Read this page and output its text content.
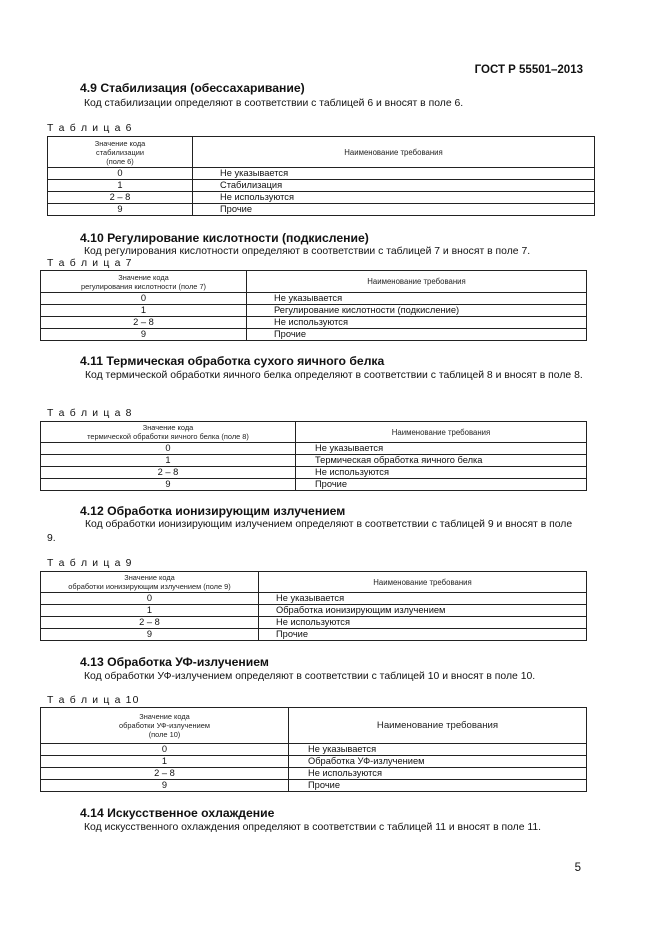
ГОСТ Р 55501–2013
4.9 Стабилизация (обессахаривание)
Код стабилизации определяют в соответствии с таблицей 6 и вносят в поле 6.
Т а б л и ц а 6
Значение кода
стабилизации
(поле 6)	Наименование требования
0	Не указывается
1	Стабилизация
2 – 8	Не используются
9	Прочие
4.10 Регулирование кислотности (подкисление)
Код регулирования кислотности определяют в соответствии с таблицей 7 и вносят в поле 7.
Т а б л и ц а 7
Значение кода
регулирования кислотности (поле 7)	Наименование требования
0	Не указывается
1	Регулирование кислотности (подкисление)
2 – 8	Не используются
9	Прочие
4.11 Термическая обработка сухого яичного белка
Код термической обработки яичного белка определяют в соответствии с таблицей 8 и вносят в поле 8.
Т а б л и ц а 8
Значение кода
термической обработки яичного белка (поле 8)	Наименование требования
0	Не указывается
1	Термическая обработка яичного белка
2 – 8	Не используются
9	Прочие
4.12 Обработка ионизирующим излучением
Код обработки ионизирующим излучением определяют в соответствии с таблицей 9 и вносят в поле 9.
Т а б л и ц а 9
Значение кода
обработки ионизирующим излучением (поле 9)	Наименование требования
0	Не указывается
1	Обработка ионизирующим излучением
2 – 8	Не используются
9	Прочие
4.13 Обработка УФ-излучением
Код обработки УФ-излучением определяют в соответствии с таблицей 10 и вносят в поле 10.
Т а б л и ц а 10
Значение кода
обработки УФ-излучением
(поле 10)	Наименование требования
0	Не указывается
1	Обработка УФ-излучением
2 – 8	Не используются
9	Прочие
4.14 Искусственное охлаждение
Код искусственного охлаждения определяют в соответствии с таблицей 11 и вносят в поле 11.
5
